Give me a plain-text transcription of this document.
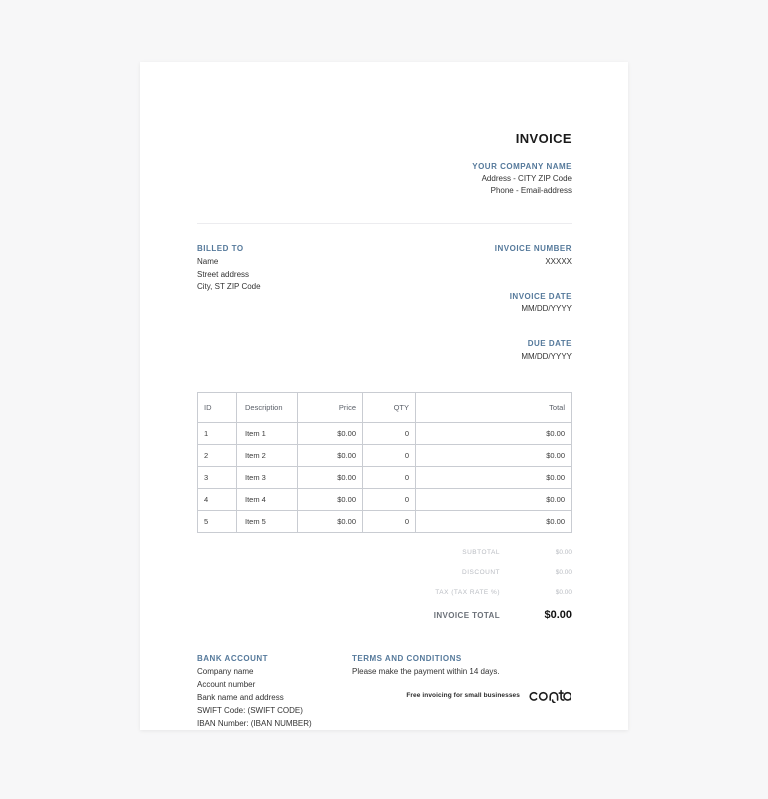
INVOICE
YOUR COMPANY NAME
Address - CITY ZIP Code
Phone - Email-address
BILLED TO
Name
Street address
City, ST ZIP Code
INVOICE NUMBER
XXXXX
INVOICE DATE
MM/DD/YYYY
DUE DATE
MM/DD/YYYY
ID	Description	Price	QTY	Total
1	Item 1	$0.00	0	$0.00
2	Item 2	$0.00	0	$0.00
3	Item 3	$0.00	0	$0.00
4	Item 4	$0.00	0	$0.00
5	Item 5	$0.00	0	$0.00
SUBTOTAL	$0.00
DISCOUNT	$0.00
TAX (TAX RATE %)	$0.00
INVOICE TOTAL	$0.00
BANK ACCOUNT
Company name
Account number
Bank name and address
SWIFT Code: (SWIFT CODE)
IBAN Number: (IBAN NUMBER)
TERMS AND CONDITIONS
Please make the payment within 14 days.
Free invoicing for small businesses
